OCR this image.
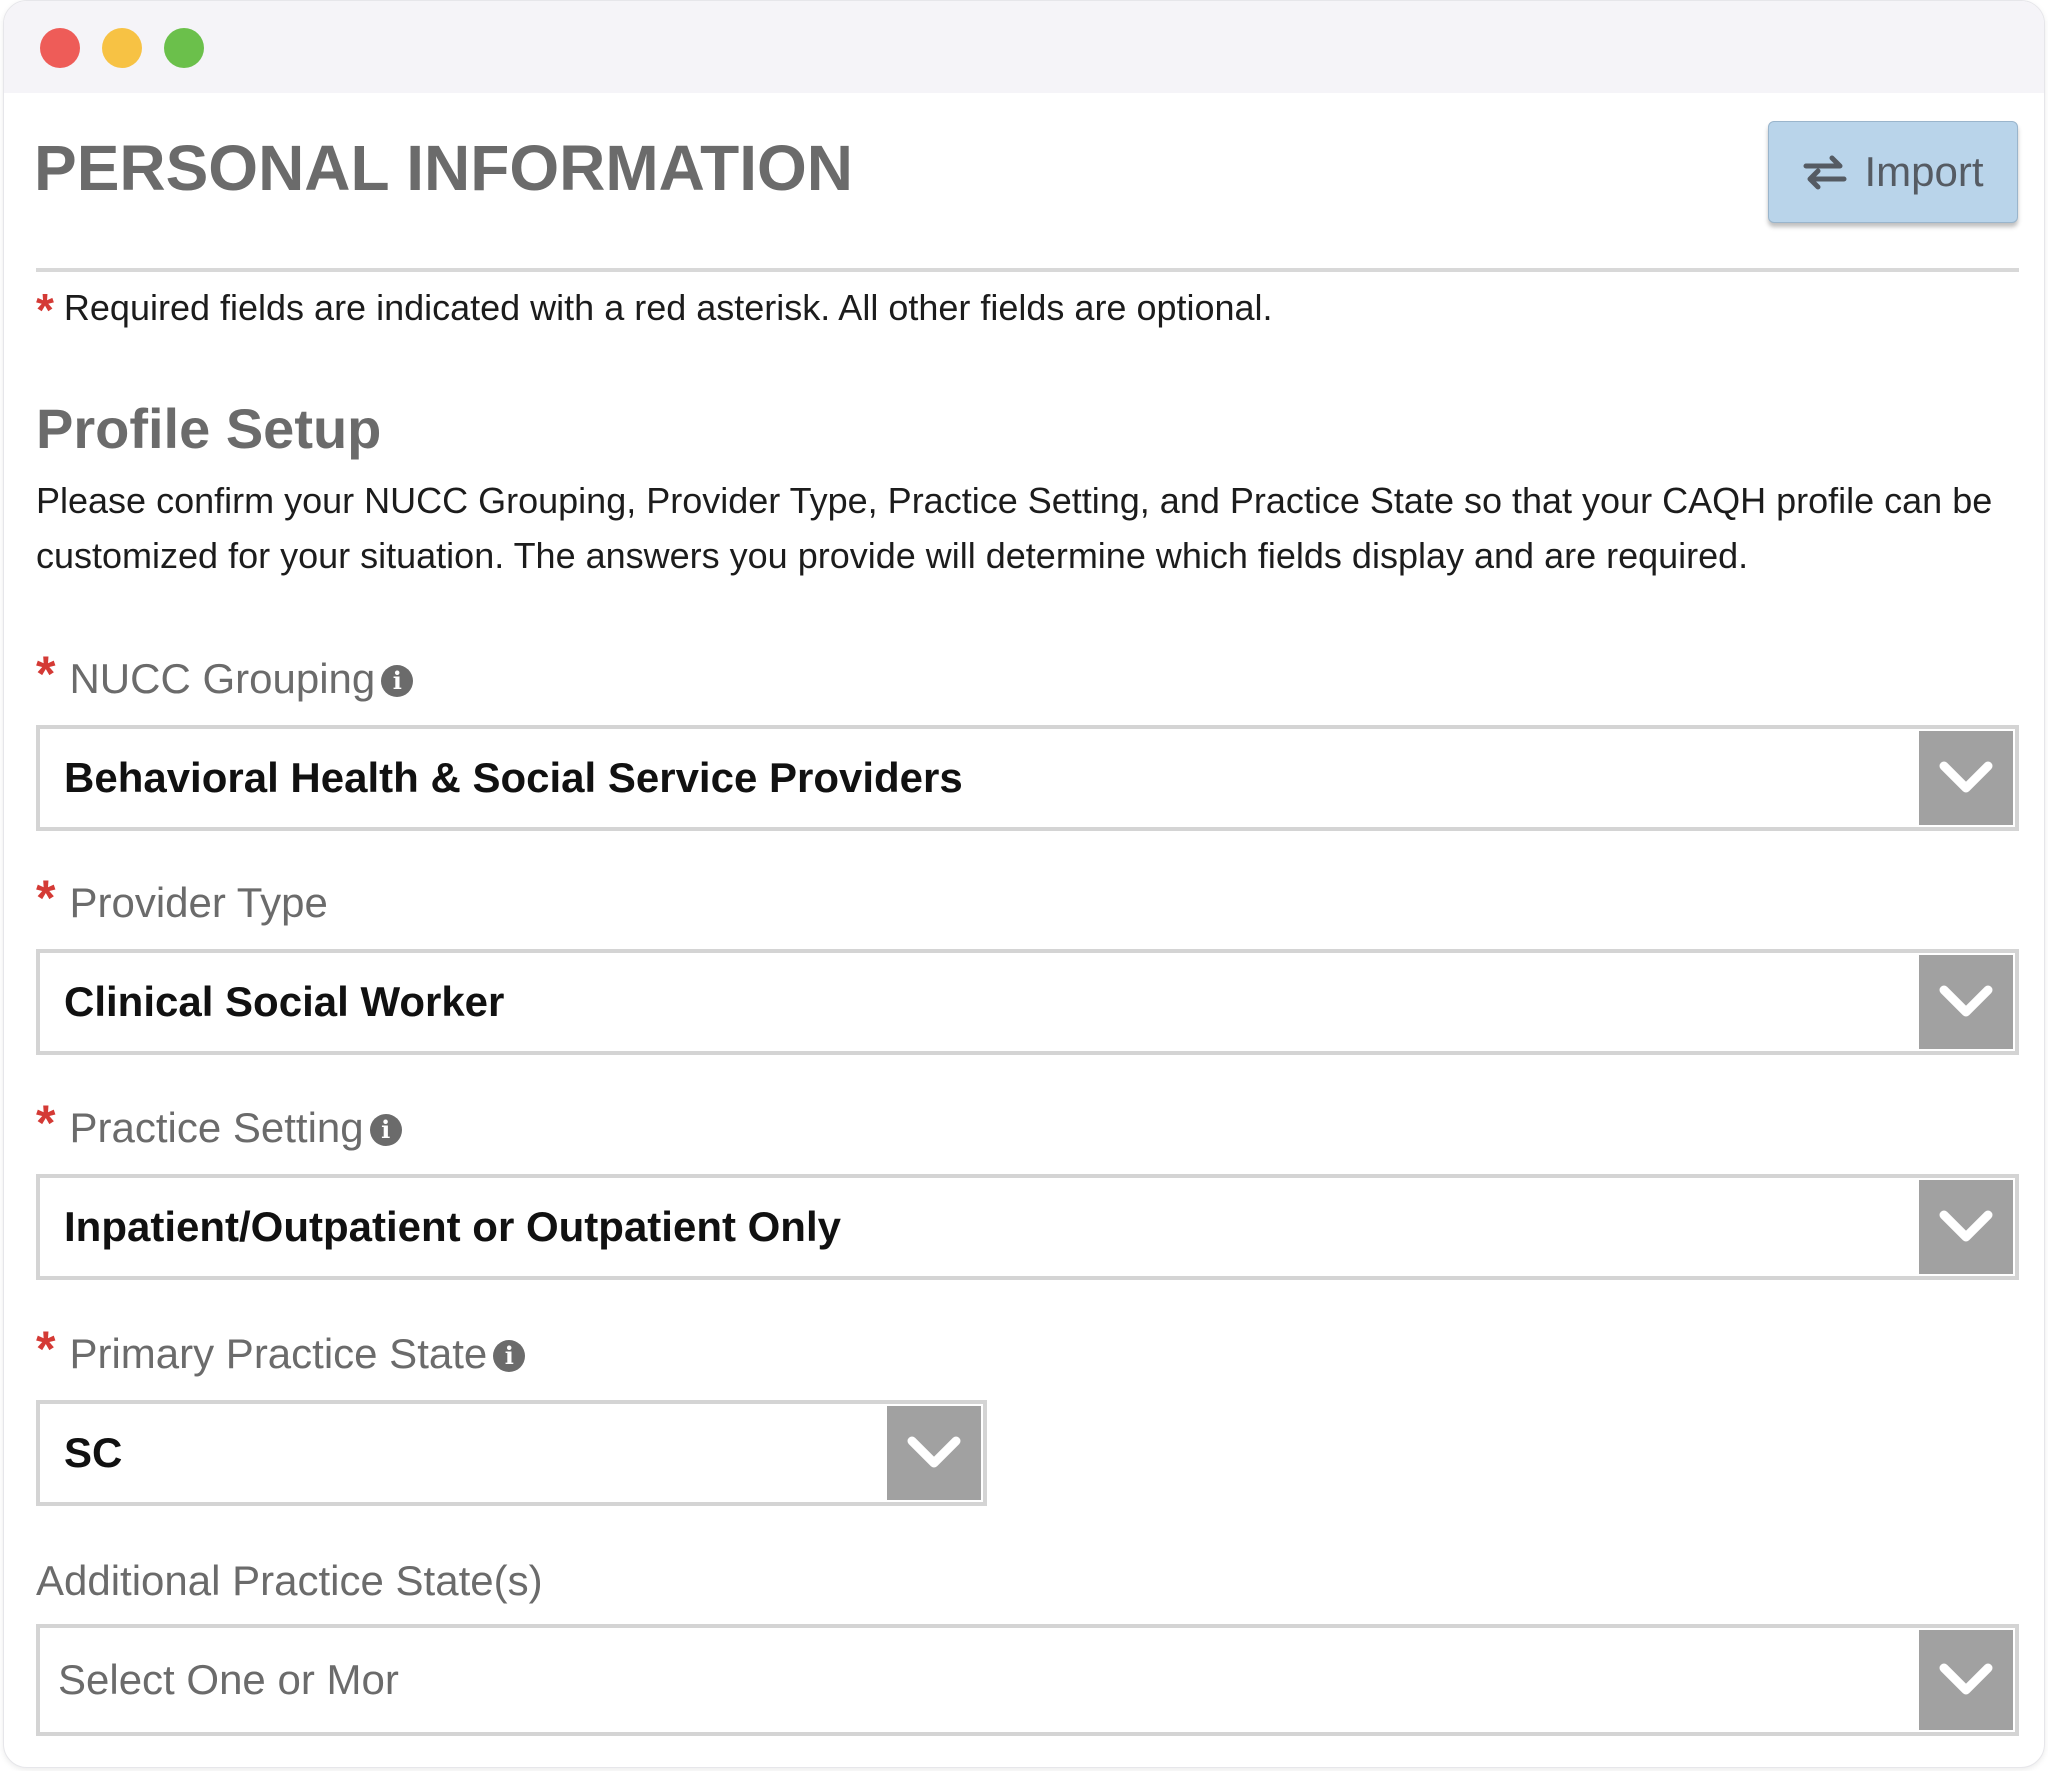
PERSONAL INFORMATION	Import
* Required fields are indicated with a red asterisk. All other fields are optional.
Profile Setup
Please confirm your NUCC Grouping, Provider Type, Practice Setting, and Practice State so that your CAQH profile can be customized for your situation. The answers you provide will determine which fields display and are required.
* NUCC Grouping i
Behavioral Health & Social Service Providers
* Provider Type
Clinical Social Worker
* Practice Setting i
Inpatient/Outpatient or Outpatient Only
* Primary Practice State i
SC
Additional Practice State(s)
Select One or Mor
